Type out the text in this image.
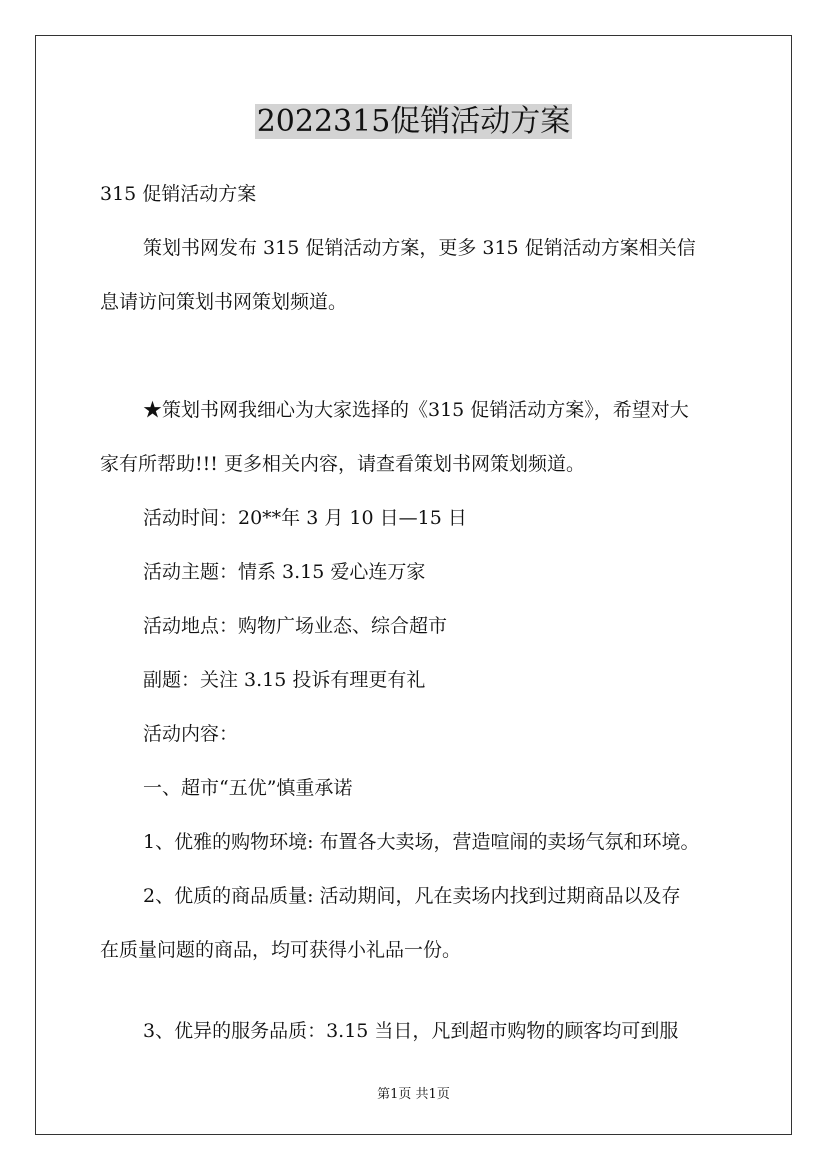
2022315促销活动方案
315 促销活动方案
策划书网发布 315 促销活动方案，更多 315 促销活动方案相关信
息请访问策划书网策划频道。
★策划书网我细心为大家选择的《315 促销活动方案》，希望对大
家有所帮助!!! 更多相关内容，请查看策划书网策划频道。
活动时间：20**年 3 月 10 日—15 日
活动主题：情系 3.15 爱心连万家
活动地点：购物广场业态、综合超市
副题：关注 3.15 投诉有理更有礼
活动内容：
一、超市“五优”慎重承诺
1、优雅的购物环境: 布置各大卖场，营造喧闹的卖场气氛和环境。
2、优质的商品质量: 活动期间，凡在卖场内找到过期商品以及存
在质量问题的商品，均可获得小礼品一份。
3、优异的服务品质：3.15 当日，凡到超市购物的顾客均可到服
第1页 共1页
